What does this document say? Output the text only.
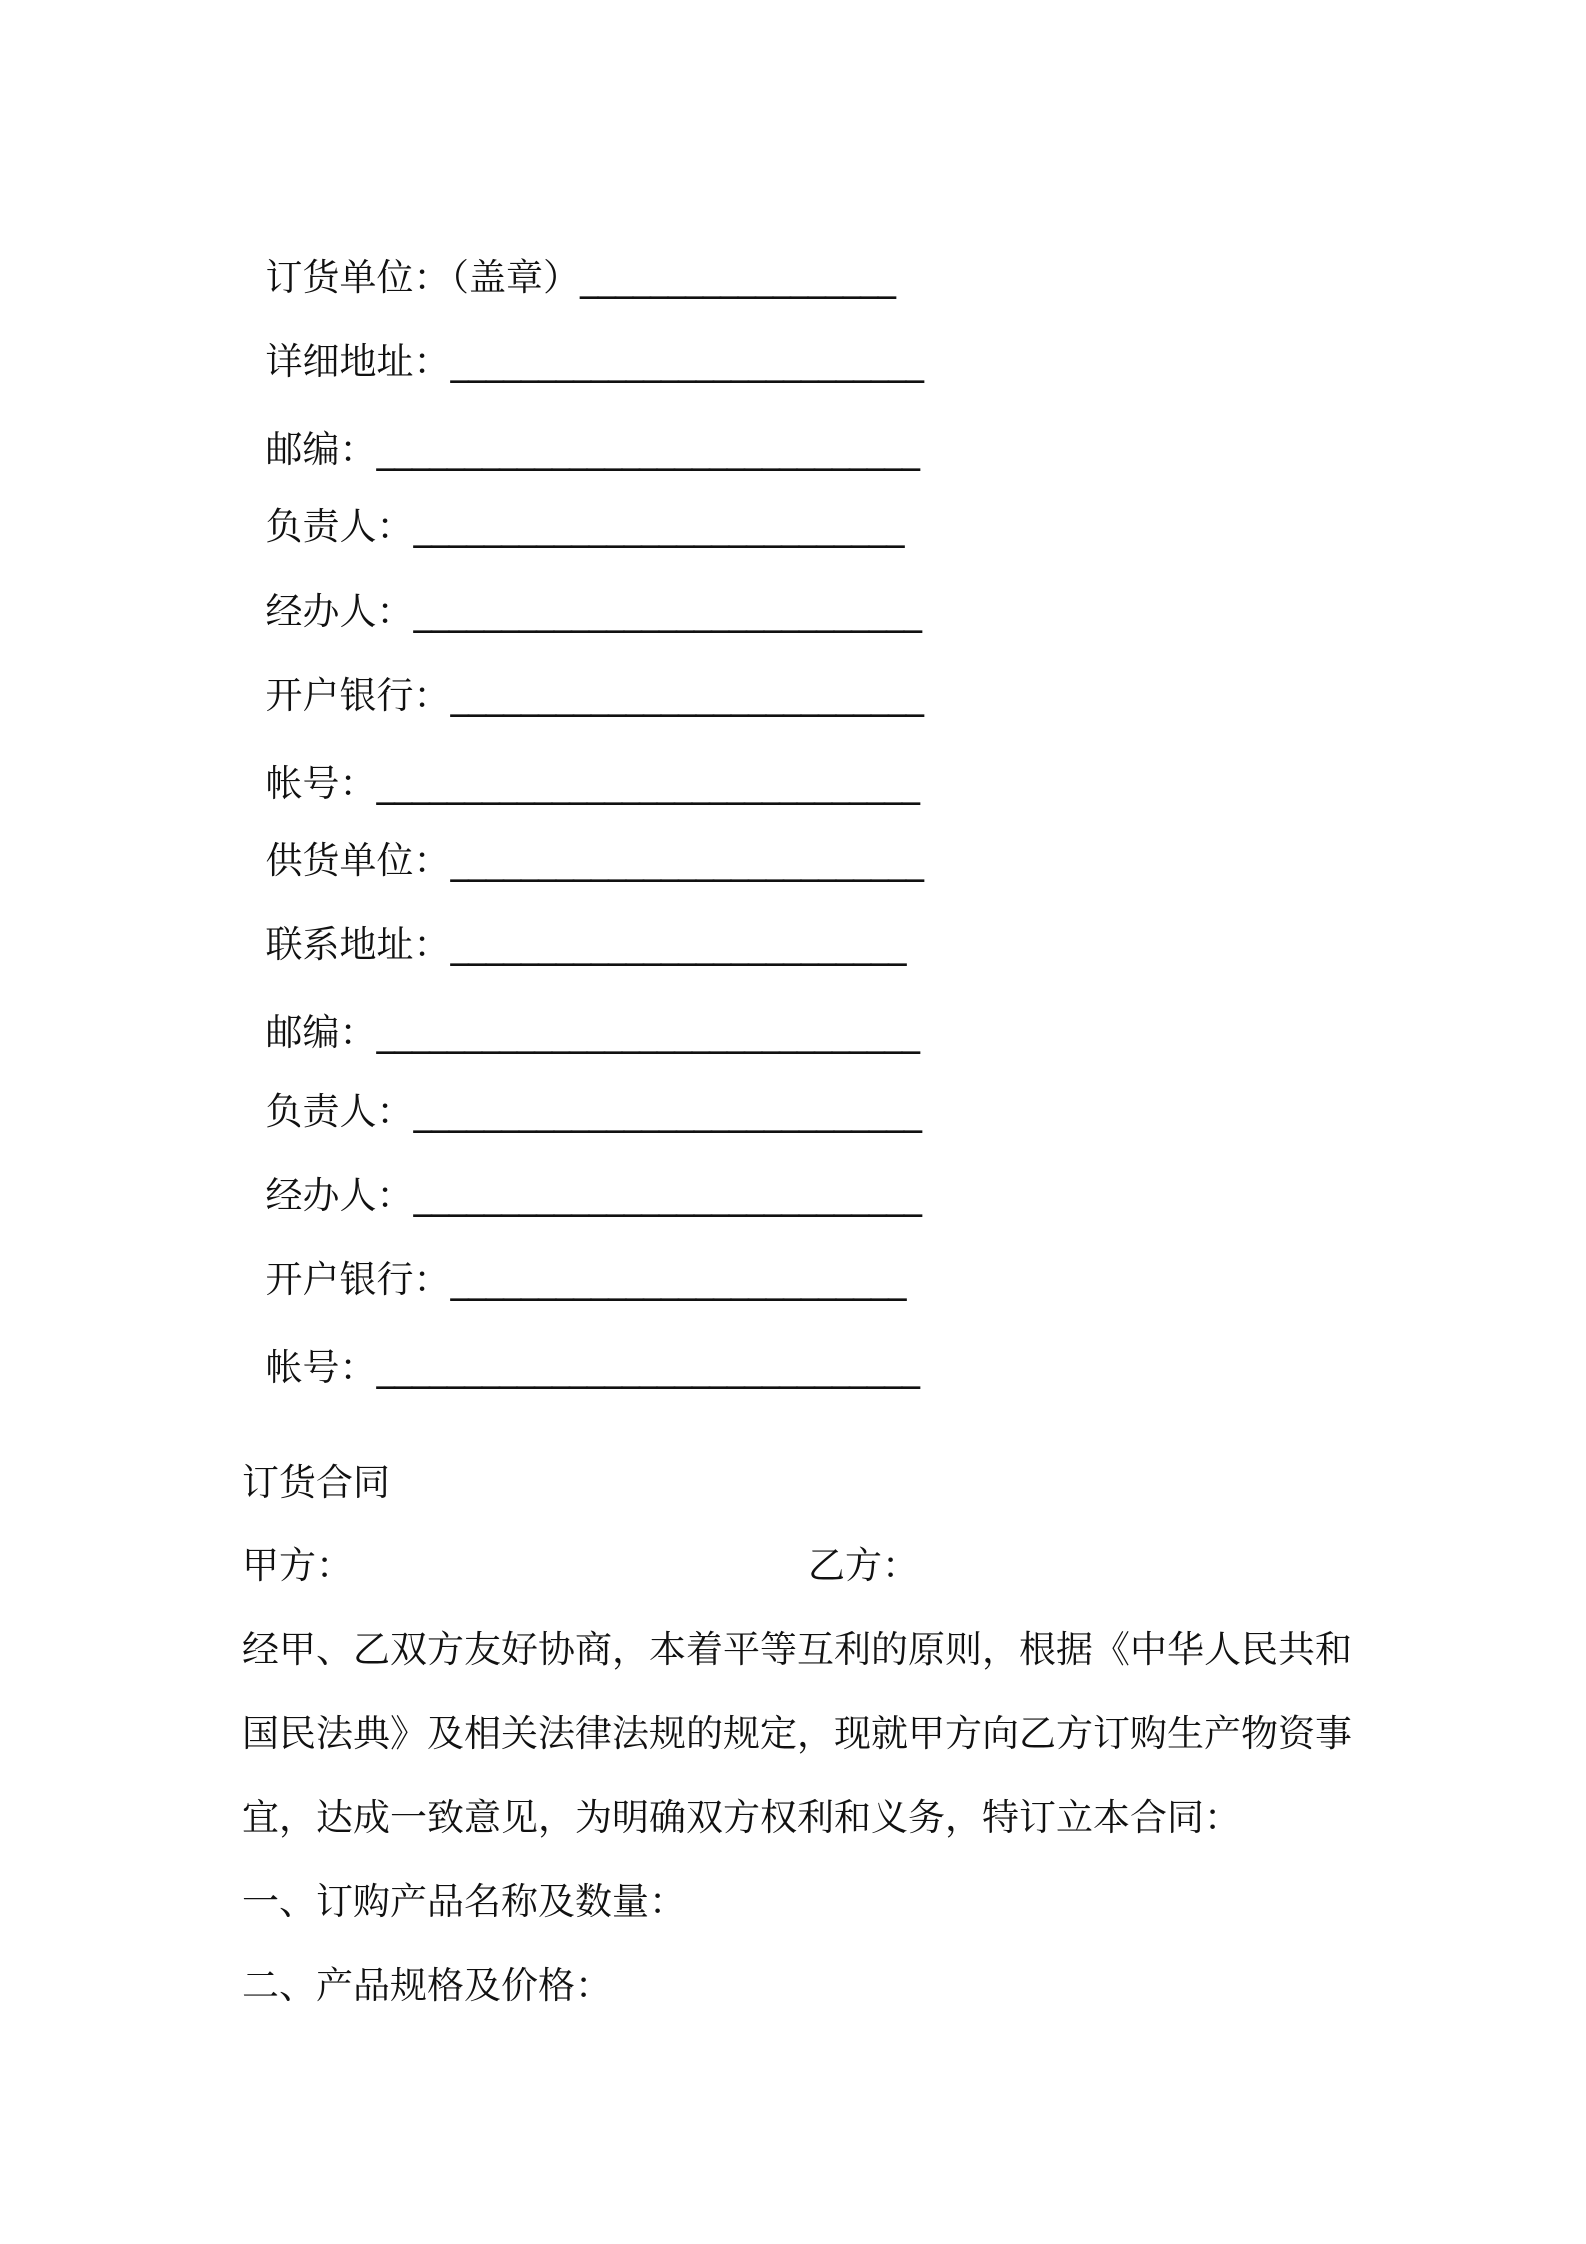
订货单位：（盖章）__________________

详细地址：___________________________

邮编：_______________________________

负责人：____________________________

经办人：_____________________________

开户银行：___________________________

帐号：_______________________________

供货单位：___________________________

联系地址：__________________________

邮编：_______________________________

负责人：_____________________________

经办人：_____________________________

开户银行：__________________________

帐号：_______________________________

订货合同
甲方：	乙方：
经甲、乙双方友好协商，本着平等互利的原则，根据《中华人民共和
国民法典》及相关法律法规的规定，现就甲方向乙方订购生产物资事
宜，达成一致意见，为明确双方权利和义务，特订立本合同：
一、订购产品名称及数量：
二、产品规格及价格：
